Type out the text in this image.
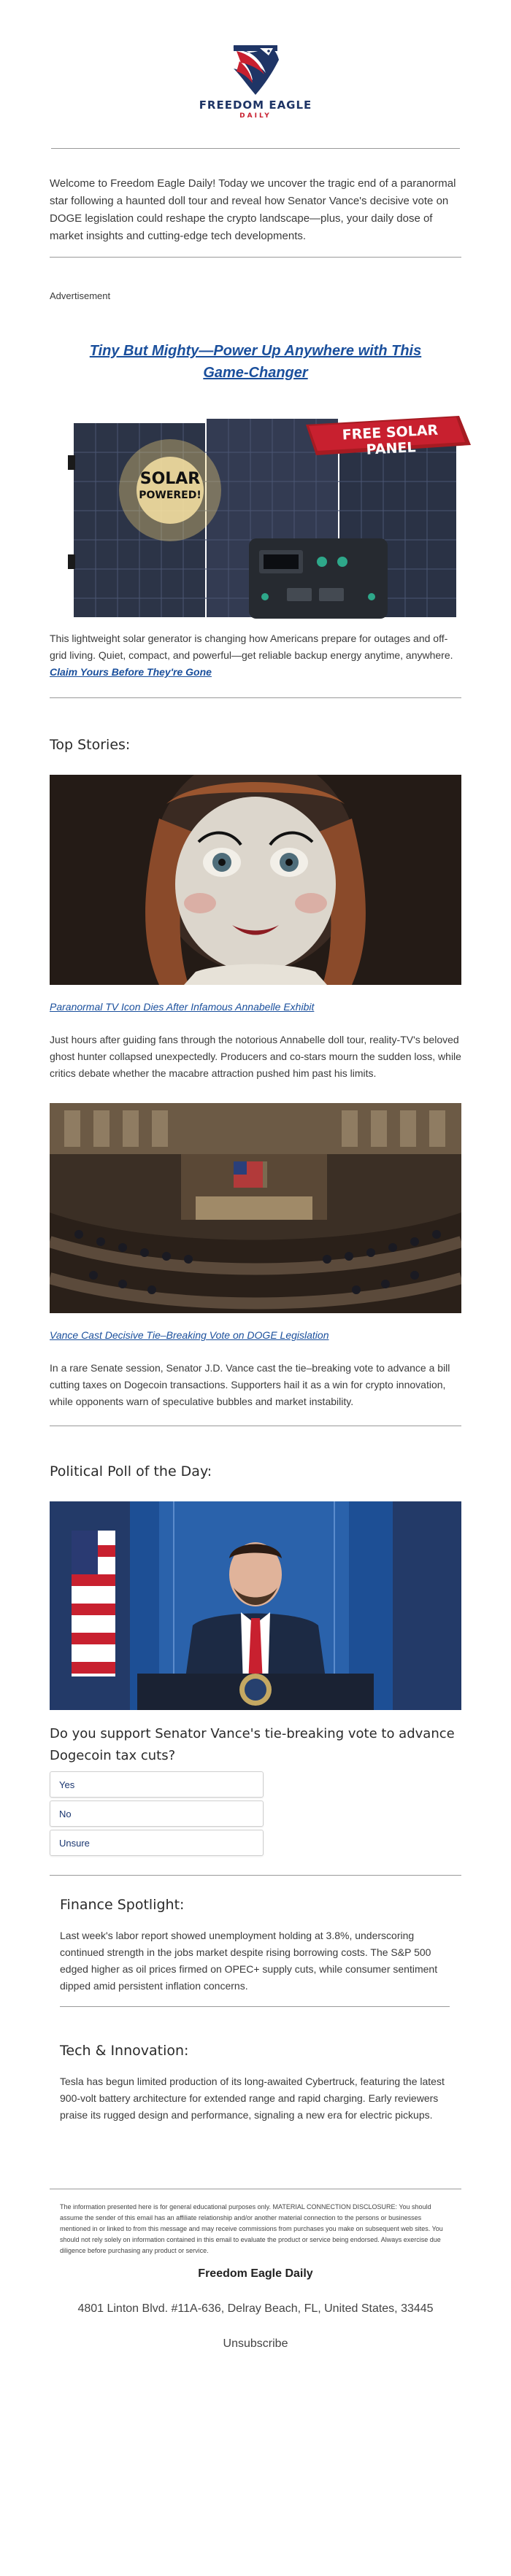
FREEDOM EAGLE
DAILY

Welcome to Freedom Eagle Daily! Today we uncover the tragic end of a paranormal star following a haunted doll tour and reveal how Senator Vance's decisive vote on DOGE legislation could reshape the crypto landscape—plus, your daily dose of market insights and cutting-edge tech developments.

Advertisement
Tiny But Mighty—Power Up Anywhere with This Game-Changer
SOLAR
POWERED!
FREE SOLAR PANEL

This lightweight solar generator is changing how Americans prepare for outages and off-grid living. Quiet, compact, and powerful—get reliable backup energy anytime, anywhere. Claim Yours Before They're Gone

Top Stories:
Paranormal TV Icon Dies After Infamous Annabelle Exhibit

Just hours after guiding fans through the notorious Annabelle doll tour, reality-TV's beloved ghost hunter collapsed unexpectedly. Producers and co-stars mourn the sudden loss, while critics debate whether the macabre attraction pushed him past his limits.

Vance Cast Decisive Tie–Breaking Vote on DOGE Legislation

In a rare Senate session, Senator J.D. Vance cast the tie–breaking vote to advance a bill cutting taxes on Dogecoin transactions. Supporters hail it as a win for crypto innovation, while opponents warn of speculative bubbles and market instability.

Political Poll of the Day:

Do you support Senator Vance's tie-breaking vote to advance Dogecoin tax cuts?

Yes
No
Unsure
Finance Spotlight:

Last week's labor report showed unemployment holding at 3.8%, underscoring continued strength in the jobs market despite rising borrowing costs. The S&P 500 edged higher as oil prices firmed on OPEC+ supply cuts, while consumer sentiment dipped amid persistent inflation concerns.

Tech & Innovation:

Tesla has begun limited production of its long-awaited Cybertruck, featuring the latest 900-volt battery architecture for extended range and rapid charging. Early reviewers praise its rugged design and performance, signaling a new era for electric pickups.

The information presented here is for general educational purposes only. MATERIAL CONNECTION DISCLOSURE: You should assume the sender of this email has an affiliate relationship and/or another material connection to the persons or businesses mentioned in or linked to from this message and may receive commissions from purchases you make on subsequent web sites. You should not rely solely on information contained in this email to evaluate the product or service being endorsed. Always exercise due diligence before purchasing any product or service.

Freedom Eagle Daily
4801 Linton Blvd. #11A-636, Delray Beach, FL, United States, 33445
Unsubscribe
